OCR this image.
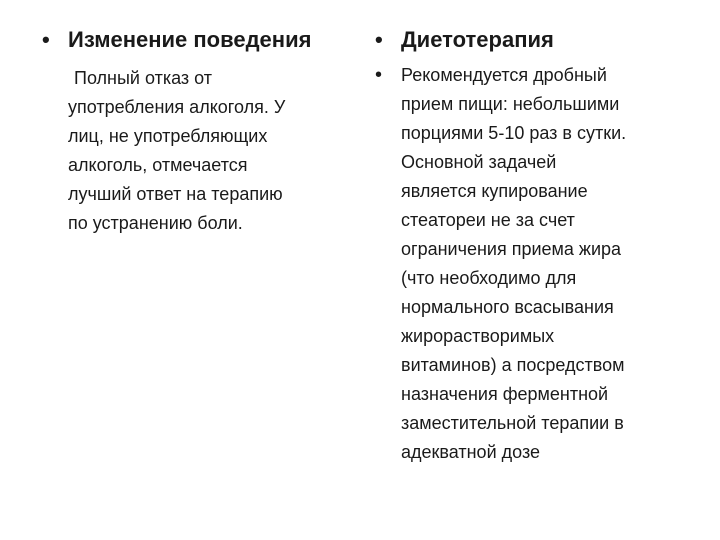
• Изменение поведения
Полный отказ от
употребления алкоголя. У
лиц, не употребляющих
алкоголь, отмечается
лучший ответ на терапию
по устранению боли.
• Диетотерапия
•	Рекомендуется дробный
прием пищи: небольшими
порциями 5-10 раз в сутки.
Основной задачей
является купирование
стеатореи не за счет
ограничения приема жира
(что необходимо для
нормального всасывания
жирорастворимых
витаминов) а посредством
назначения ферментной
заместительной терапии в
адекватной дозе
